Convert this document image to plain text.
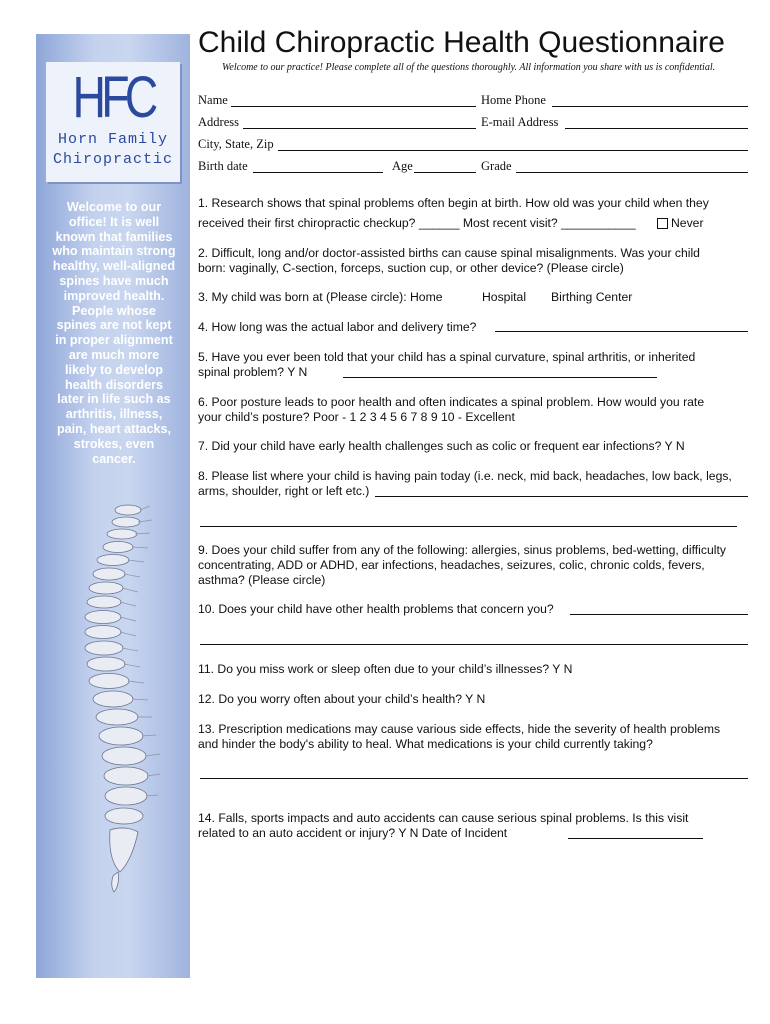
HFC
Horn Family
Chiropractic
Welcome to our
office! It is well
known that families
who maintain strong
healthy, well-aligned
spines have much
improved health.
People whose
spines are not kept
in proper alignment
are much more
likely to develop
health disorders
later in life such as
arthritis, illness,
pain, heart attacks,
strokes, even
cancer.
Child Chiropractic Health Questionnaire
Welcome to our practice! Please complete all of the questions thoroughly. All information you share with us is confidential.
Name	Home Phone
Address	E-mail Address
City, State, Zip
Birth date	Age	Grade
1. Research shows that spinal problems often begin at birth. How old was your child when they
received their first chiropractic checkup? ______ Most recent visit? ___________	Never
2. Difficult, long and/or doctor-assisted births can cause spinal misalignments. Was your child
born: vaginally, C-section, forceps, suction cup, or other device? (Please circle)
3. My child was born at (Please circle): Home	Hospital Birthing Center
4. How long was the actual labor and delivery time?
5. Have you ever been told that your child has a spinal curvature, spinal arthritis, or inherited
spinal problem? Y N
6. Poor posture leads to poor health and often indicates a spinal problem. How would you rate
your child’s posture? Poor - 1 2 3 4 5 6 7 8 9 10 - Excellent
7. Did your child have early health challenges such as colic or frequent ear infections? Y N
8. Please list where your child is having pain today (i.e. neck, mid back, headaches, low back, legs,
arms, shoulder, right or left etc.)
9. Does your child suffer from any of the following: allergies, sinus problems, bed-wetting, difficulty
concentrating, ADD or ADHD, ear infections, headaches, seizures, colic, chronic colds, fevers,
asthma? (Please circle)
10. Does your child have other health problems that concern you?
11. Do you miss work or sleep often due to your child’s illnesses? Y N
12. Do you worry often about your child’s health? Y N
13. Prescription medications may cause various side effects, hide the severity of health problems
and hinder the body's ability to heal. What medications is your child currently taking?
14. Falls, sports impacts and auto accidents can cause serious spinal problems. Is this visit
related to an auto accident or injury? Y N Date of Incident
